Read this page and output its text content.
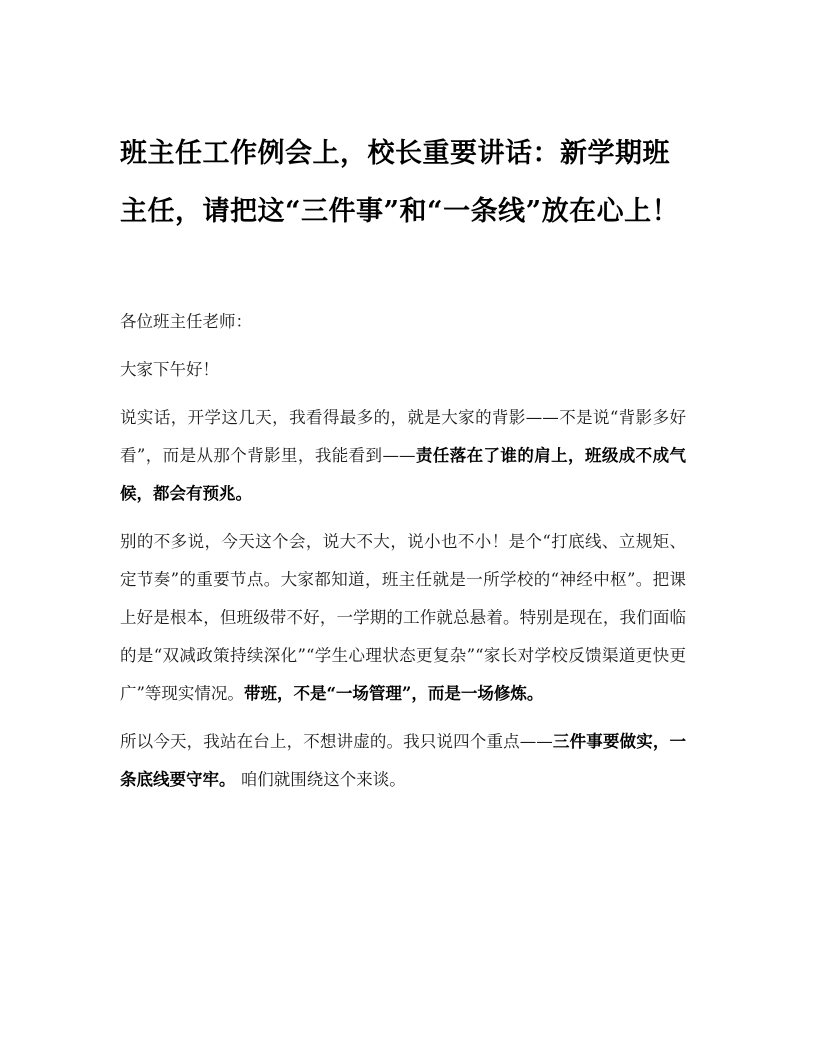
班主任工作例会上，校长重要讲话：新学期班主任，请把这“三件事”和“一条线”放在心上！

各位班主任老师：

大家下午好！

说实话，开学这几天，我看得最多的，就是大家的背影——不是说“背影多好看”，而是从那个背影里，我能看到——责任落在了谁的肩上，班级成不成气候，都会有预兆。

别的不多说，今天这个会，说大不大，说小也不小！是个“打底线、立规矩、定节奏”的重要节点。大家都知道，班主任就是一所学校的“神经中枢”。把课上好是根本，但班级带不好，一学期的工作就总悬着。特别是现在，我们面临的是“双减政策持续深化”“学生心理状态更复杂”“家长对学校反馈渠道更快更广”等现实情况。带班，不是“一场管理”，而是一场修炼。

所以今天，我站在台上，不想讲虚的。我只说四个重点——三件事要做实，一条底线要守牢。 咱们就围绕这个来谈。
